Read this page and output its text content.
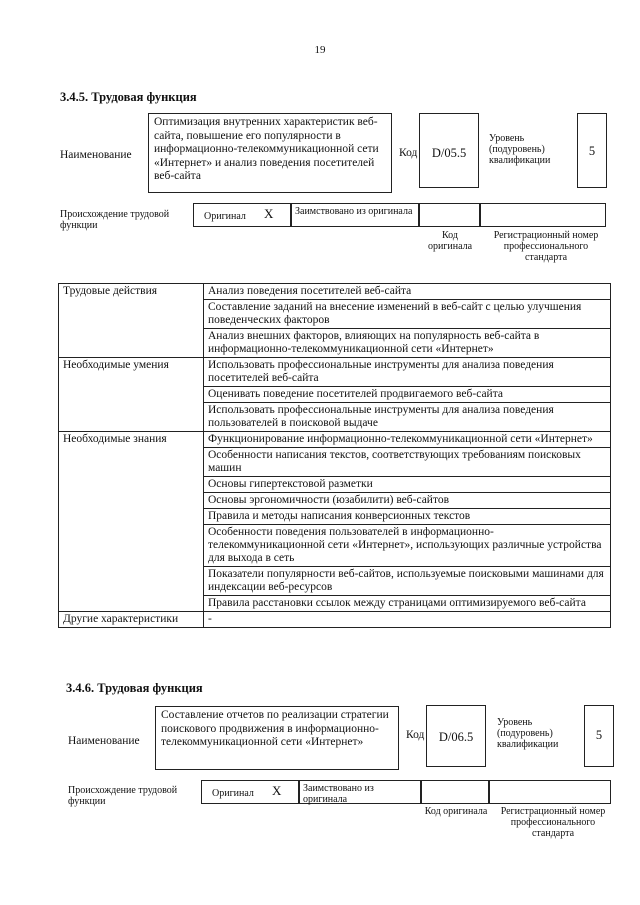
19
3.4.5. Трудовая функция
Наименование
Оптимизация внутренних характеристик веб-сайта, повышение его популярности в информационно-телекоммуникационной сети «Интернет» и анализ поведения посетителей веб-сайта
Код	D/05.5
Уровень (подуровень) квалификации
5
Происхождение трудовой функции
Оригинал X	Заимствовано из оригинала
Код оригинала
Регистрационный номер профессионального стандарта
Трудовые действия	Анализ поведения посетителей веб-сайта
	Составление заданий на внесение изменений в веб-сайт с целью улучшения поведенческих факторов
	Анализ внешних факторов, влияющих на популярность веб-сайта в информационно-телекоммуникационной сети «Интернет»
Необходимые умения	Использовать профессиональные инструменты для анализа поведения посетителей веб-сайта
	Оценивать поведение посетителей продвигаемого веб-сайта
	Использовать профессиональные инструменты для анализа поведения пользователей в поисковой выдаче
Необходимые знания	Функционирование информационно-телекоммуникационной сети «Интернет»
	Особенности написания текстов, соответствующих требованиям поисковых машин
	Основы гипертекстовой разметки
	Основы эргономичности (юзабилити) веб-сайтов
	Правила и методы написания конверсионных текстов
	Особенности поведения пользователей в информационно-телекоммуникационной сети «Интернет», использующих различные устройства для выхода в сеть
	Показатели популярности веб-сайтов, используемые поисковыми машинами для индексации веб-ресурсов
	Правила расстановки ссылок между страницами оптимизируемого веб-сайта
Другие характеристики	-
3.4.6. Трудовая функция
Наименование
Составление отчетов по реализации стратегии поискового продвижения в информационно-телекоммуникационной сети «Интернет»
Код	D/06.5
Уровень (подуровень) квалификации
5
Происхождение трудовой функции
Оригинал X	Заимствовано из оригинала
Код оригинала	Регистрационный номер профессионального стандарта
